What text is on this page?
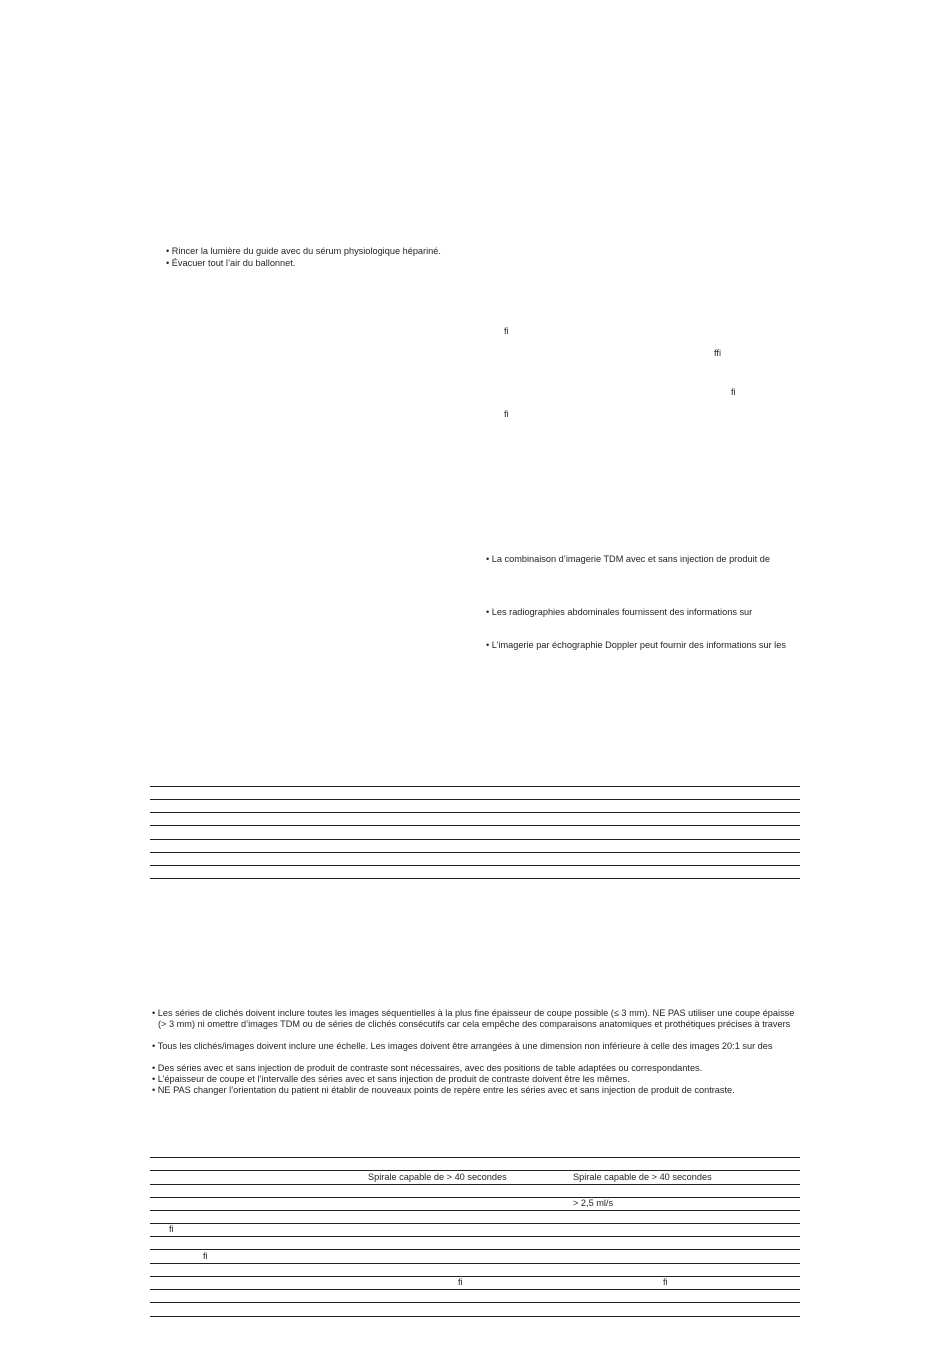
• Rincer la lumière du guide avec du sérum physiologique hépariné.
• Évacuer tout l’air du ballonnet.
fi
ffi
fi
fi
• La combinaison d’imagerie TDM avec et sans injection de produit de
• Les radiographies abdominales fournissent des informations sur
• L’imagerie par échographie Doppler peut fournir des informations sur les
• Les séries de clichés doivent inclure toutes les images séquentielles à la plus fine épaisseur de coupe possible (≤ 3 mm). NE PAS utiliser une coupe épaisse
(> 3 mm) ni omettre d’images TDM ou de séries de clichés consécutifs car cela empêche des comparaisons anatomiques et prothétiques précises à travers
• Tous les clichés/images doivent inclure une échelle. Les images doivent être arrangées à une dimension non inférieure à celle des images 20:1 sur des
• Des séries avec et sans injection de produit de contraste sont nécessaires, avec des positions de table adaptées ou correspondantes.
• L’épaisseur de coupe et l’intervalle des séries avec et sans injection de produit de contraste doivent être les mêmes.
• NE PAS changer l’orientation du patient ni établir de nouveaux points de repère entre les séries avec et sans injection de produit de contraste.
Spirale capable de > 40 secondes	Spirale capable de > 40 secondes
> 2,5 ml/s
fi
fi
fi	fi
